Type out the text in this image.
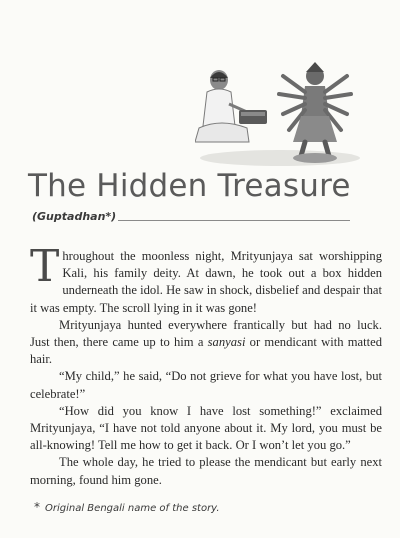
The Hidden Treasure
(Guptadhan*)

Throughout the moonless night, Mrityunjaya sat worshipping Kali, his family deity. At dawn, he took out a box hidden underneath the idol. He saw in shock, disbelief and despair that it was empty. The scroll lying in it was gone!

Mrityunjaya hunted everywhere frantically but had no luck. Just then, there came up to him a sanyasi or mendicant with matted hair.

“My child,” he said, “Do not grieve for what you have lost, but celebrate!”

“How did you know I have lost something!” exclaimed Mrityunjaya, “I have not told anyone about it. My lord, you must be all-knowing! Tell me how to get it back. Or I won’t let you go.”

The whole day, he tried to please the mendicant but early next morning, found him gone.

* Original Bengali name of the story.
